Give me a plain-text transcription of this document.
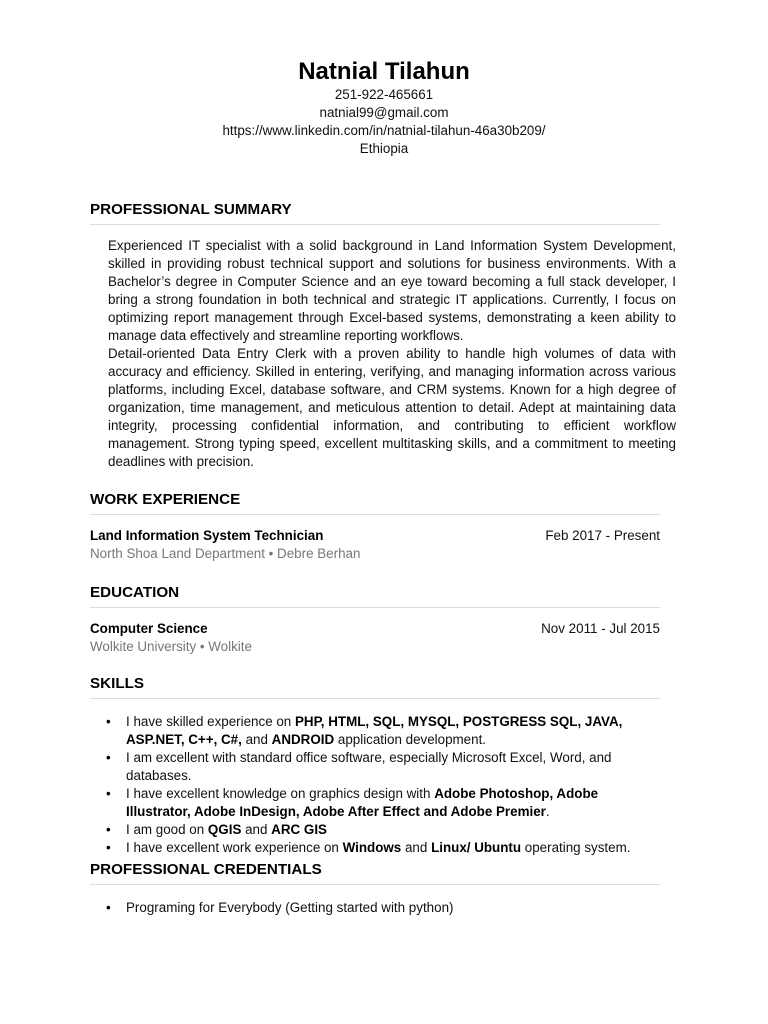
Natnial Tilahun
251-922-465661
natnial99@gmail.com
https://www.linkedin.com/in/natnial-tilahun-46a30b209/
Ethiopia
PROFESSIONAL SUMMARY

Experienced IT specialist with a solid background in Land Information System Development, skilled in providing robust technical support and solutions for business environments. With a Bachelor’s degree in Computer Science and an eye toward becoming a full stack developer, I bring a strong foundation in both technical and strategic IT applications. Currently, I focus on optimizing report management through Excel-based systems, demonstrating a keen ability to manage data effectively and streamline reporting workflows.

Detail-oriented Data Entry Clerk with a proven ability to handle high volumes of data with accuracy and efficiency. Skilled in entering, verifying, and managing information across various platforms, including Excel, database software, and CRM systems. Known for a high degree of organization, time management, and meticulous attention to detail. Adept at maintaining data integrity, processing confidential information, and contributing to efficient workflow management. Strong typing speed, excellent multitasking skills, and a commitment to meeting deadlines with precision.

WORK EXPERIENCE
Land Information System Technician	Feb 2017 - Present
North Shoa Land Department • Debre Berhan
EDUCATION
Computer Science	Nov 2011 - Jul 2015
Wolkite University • Wolkite
SKILLS
• I have skilled experience on PHP, HTML, SQL, MYSQL, POSTGRESS SQL, JAVA, ASP.NET, C++, C#, and ANDROID application development.
• I am excellent with standard office software, especially Microsoft Excel, Word, and databases.
• I have excellent knowledge on graphics design with Adobe Photoshop, Adobe Illustrator, Adobe InDesign, Adobe After Effect and Adobe Premier.
• I am good on QGIS and ARC GIS
• I have excellent work experience on Windows and Linux/ Ubuntu operating system.
PROFESSIONAL CREDENTIALS
• Programing for Everybody (Getting started with python)
